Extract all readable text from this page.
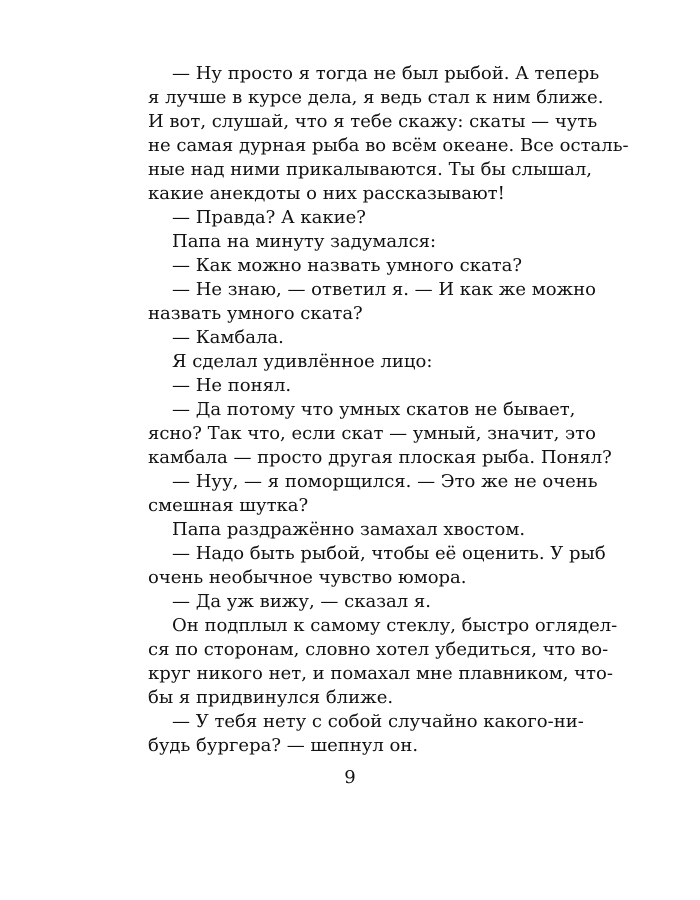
— Ну просто я тогда не был рыбой. А теперь
я лучше в курсе дела, я ведь стал к ним ближе.
И вот, слушай, что я тебе скажу: скаты — чуть
не самая дурная рыба во всём океане. Все осталь-
ные над ними прикалываются. Ты бы слышал,
какие анекдоты о них рассказывают!
— Правда? А какие?
Папа на минуту задумался:
— Как можно назвать умного ската?
— Не знаю, — ответил я. — И как же можно
назвать умного ската?
— Камбала.
Я сделал удивлённое лицо:
— Не понял.
— Да потому что умных скатов не бывает,
ясно? Так что, если скат — умный, значит, это
камбала — просто другая плоская рыба. Понял?
— Нуу, — я поморщился. — Это же не очень
смешная шутка?
Папа раздражённо замахал хвостом.
— Надо быть рыбой, чтобы её оценить. У рыб
очень необычное чувство юмора.
— Да уж вижу, — сказал я.
Он подплыл к самому стеклу, быстро оглядел-
ся по сторонам, словно хотел убедиться, что во-
круг никого нет, и помахал мне плавником, что-
бы я придвинулся ближе.
— У тебя нету с собой случайно какого-ни-
будь бургера? — шепнул он.
9
